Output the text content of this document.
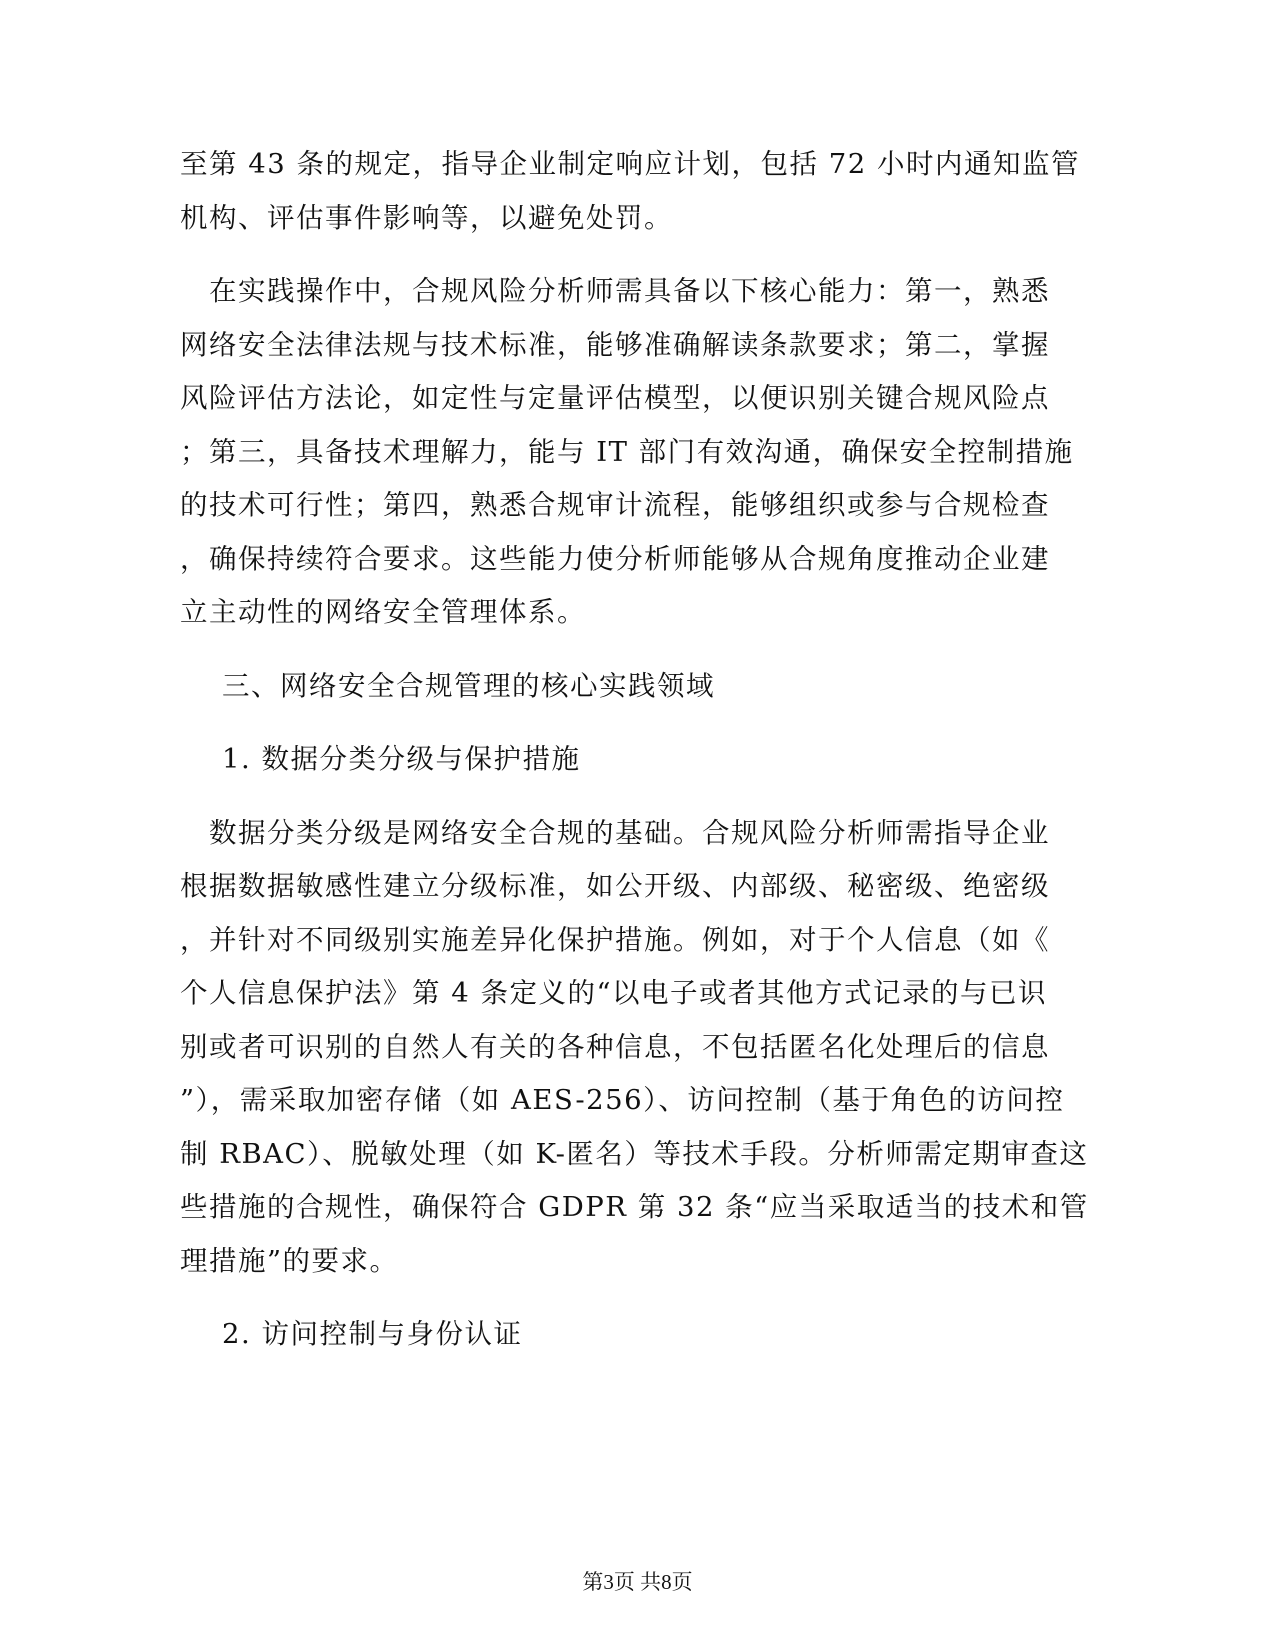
至第 43 条的规定，指导企业制定响应计划，包括 72 小时内通知监管
机构、评估事件影响等，以避免处罚。

　在实践操作中，合规风险分析师需具备以下核心能力：第一，熟悉
网络安全法律法规与技术标准，能够准确解读条款要求；第二，掌握
风险评估方法论，如定性与定量评估模型，以便识别关键合规风险点
；第三，具备技术理解力，能与 IT 部门有效沟通，确保安全控制措施
的技术可行性；第四，熟悉合规审计流程，能够组织或参与合规检查
，确保持续符合要求。这些能力使分析师能够从合规角度推动企业建
立主动性的网络安全管理体系。

三、网络安全合规管理的核心实践领域

1. 数据分类分级与保护措施

　数据分类分级是网络安全合规的基础。合规风险分析师需指导企业
根据数据敏感性建立分级标准，如公开级、内部级、秘密级、绝密级
，并针对不同级别实施差异化保护措施。例如，对于个人信息（如《
个人信息保护法》第 4 条定义的“以电子或者其他方式记录的与已识
别或者可识别的自然人有关的各种信息，不包括匿名化处理后的信息
”），需采取加密存储（如 AES-256）、访问控制（基于角色的访问控
制 RBAC）、脱敏处理（如 K-匿名）等技术手段。分析师需定期审查这
些措施的合规性，确保符合 GDPR 第 32 条“应当采取适当的技术和管
理措施”的要求。

2. 访问控制与身份认证

第3页 共8页
